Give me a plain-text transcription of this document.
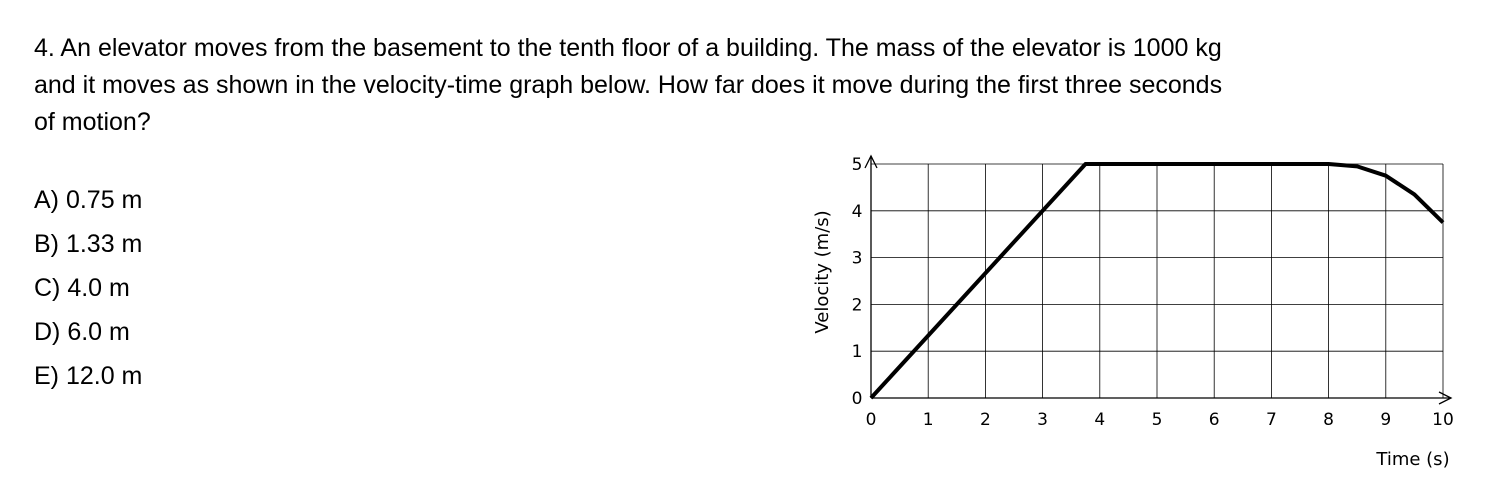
4. An elevator moves from the basement to the tenth floor of a building. The mass of the elevator is 1000 kg
and it moves as shown in the velocity-time graph below. How far does it move during the first three seconds
of motion?
A) 0.75 m
B) 1.33 m
C) 4.0 m
D) 6.0 m
E) 12.0 m
0	1	2	3	4	5	6	7	8	9 10
0
1
2
3
4
5
Velocity (m/s)
Time (s)
